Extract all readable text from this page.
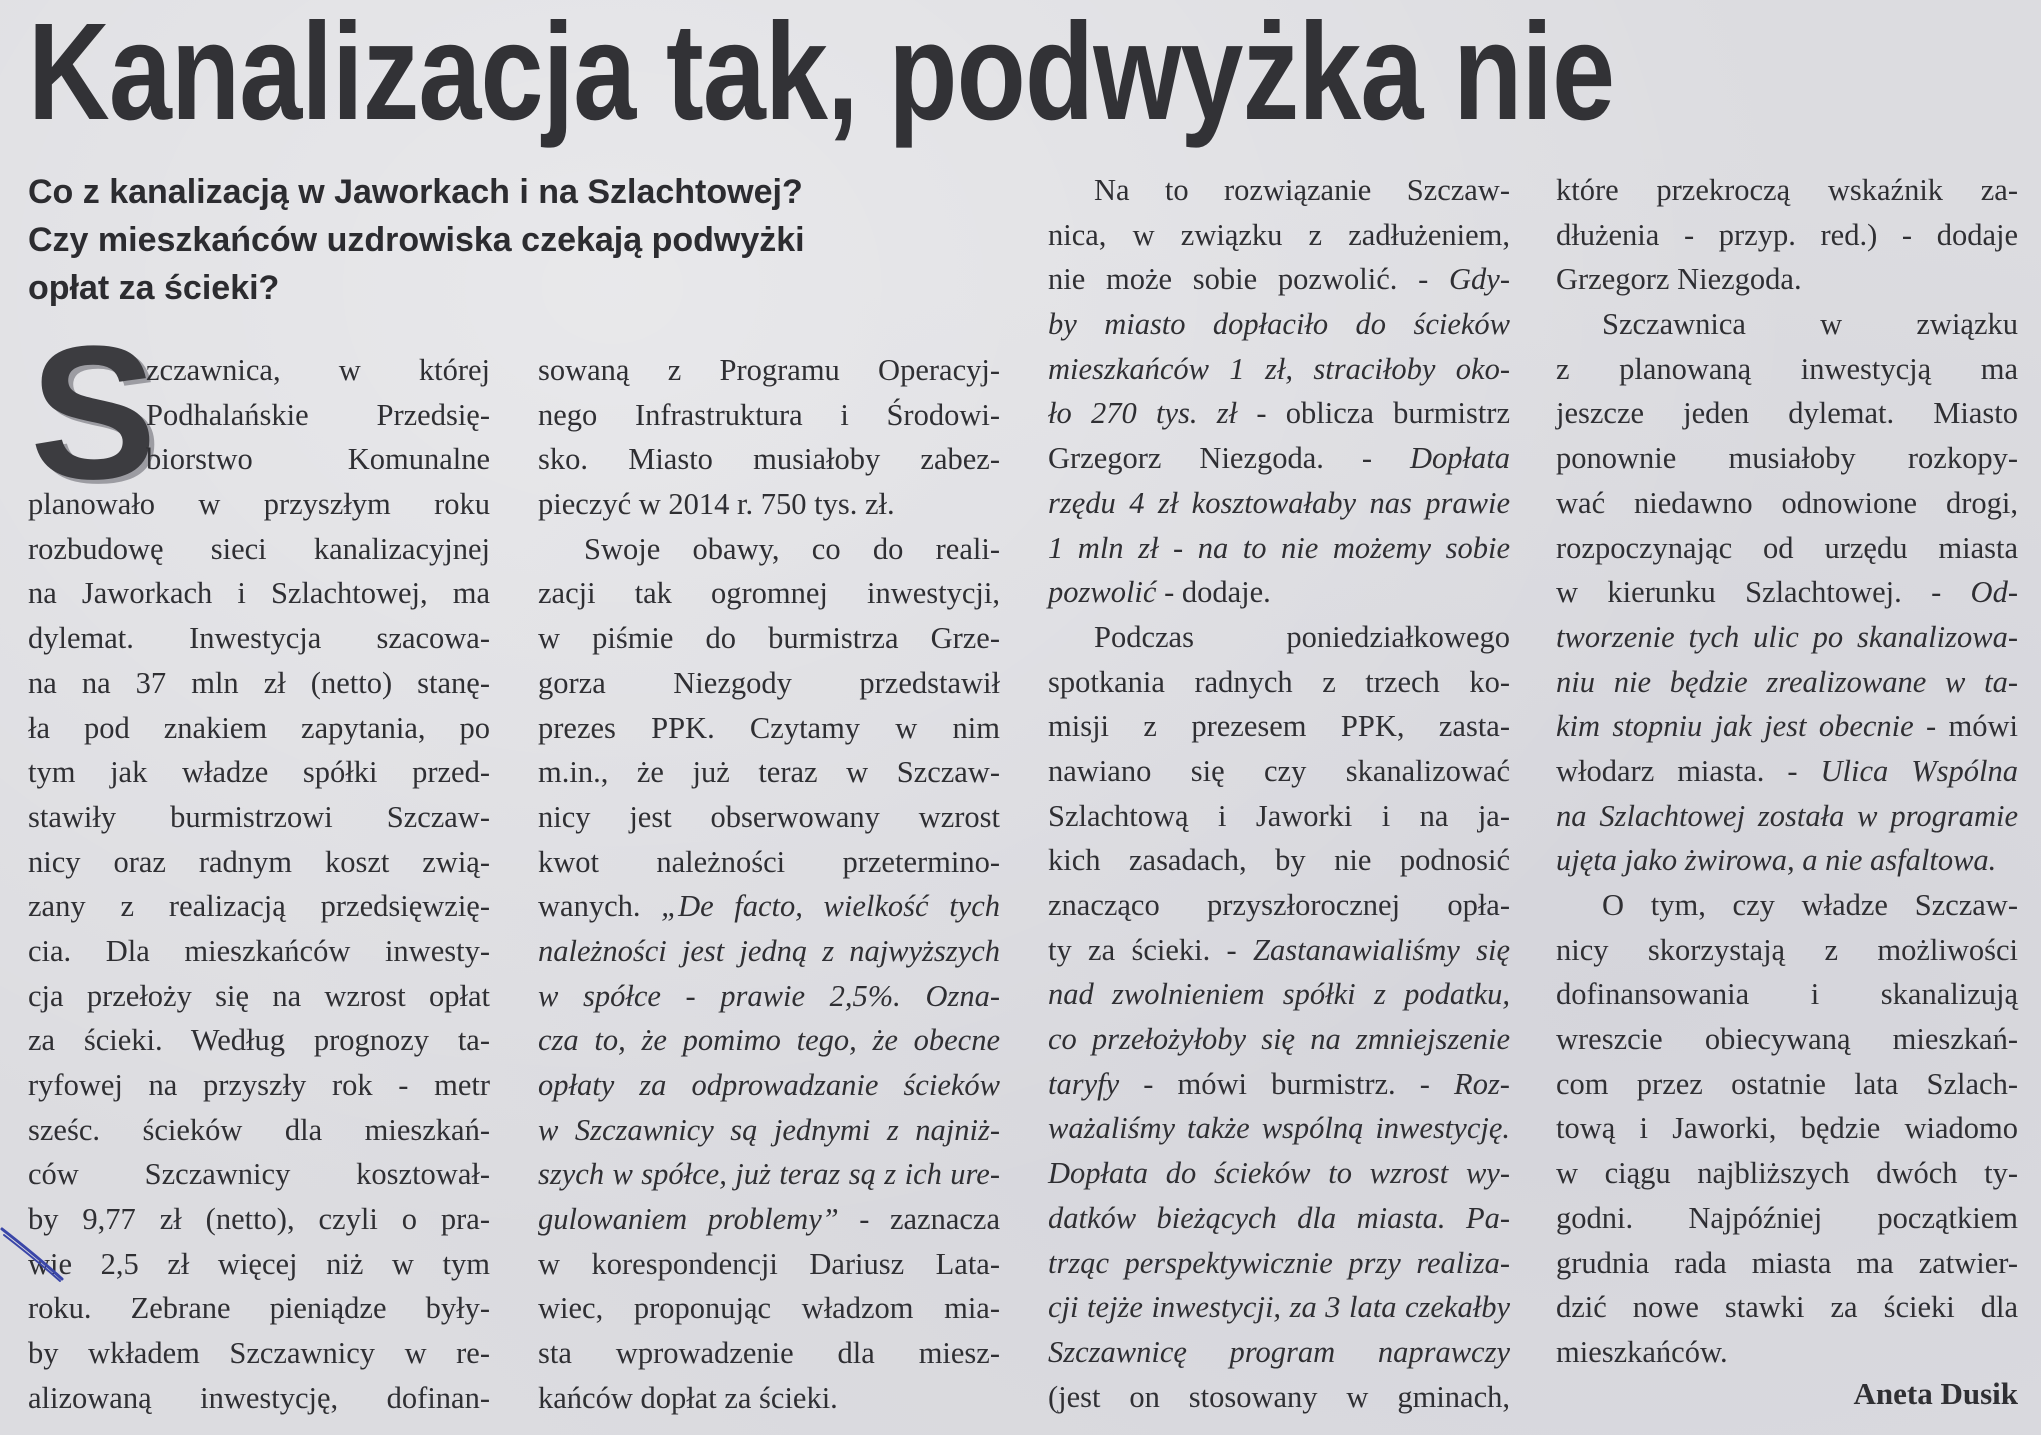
Kanalizacja tak, podwyżka nie
Co z kanalizacją w Jaworkach i na Szlachtowej?
Czy mieszkańców uzdrowiska czekają podwyżki
opłat za ścieki?
S
zczawnica, w której
Podhalańskie Przedsię-
biorstwo Komunalne
planowało w przyszłym roku
rozbudowę sieci kanalizacyjnej
na Jaworkach i Szlachtowej, ma
dylemat. Inwestycja szacowa-
na na 37 mln zł (netto) stanę-
ła pod znakiem zapytania, po
tym jak władze spółki przed-
stawiły burmistrzowi Szczaw-
nicy oraz radnym koszt zwią-
zany z realizacją przedsięwzię-
cia. Dla mieszkańców inwesty-
cja przełoży się na wzrost opłat
za ścieki. Według prognozy ta-
ryfowej na przyszły rok - metr
sześc. ścieków dla mieszkań-
ców Szczawnicy kosztował-
by 9,77 zł (netto), czyli o pra-
wie 2,5 zł więcej niż w tym
roku. Zebrane pieniądze były-
by wkładem Szczawnicy w re-
alizowaną inwestycję, dofinan-
sowaną z Programu Operacyj-
nego Infrastruktura i Środowi-
sko. Miasto musiałoby zabez-
pieczyć w 2014 r. 750 tys. zł.
Swoje obawy, co do reali-
zacji tak ogromnej inwestycji,
w piśmie do burmistrza Grze-
gorza Niezgody przedstawił
prezes PPK. Czytamy w nim
m.in., że już teraz w Szczaw-
nicy jest obserwowany wzrost
kwot należności przetermino-
wanych. „De facto, wielkość tych
należności jest jedną z najwyższych
w spółce - prawie 2,5%. Ozna-
cza to, że pomimo tego, że obecne
opłaty za odprowadzanie ścieków
w Szczawnicy są jednymi z najniż-
szych w spółce, już teraz są z ich ure-
gulowaniem problemy” - zaznacza
w korespondencji Dariusz Lata-
wiec, proponując władzom mia-
sta wprowadzenie dla miesz-
kańców dopłat za ścieki.
Na to rozwiązanie Szczaw-
nica, w związku z zadłużeniem,
nie może sobie pozwolić. - Gdy-
by miasto dopłaciło do ścieków
mieszkańców 1 zł, straciłoby oko-
ło 270 tys. zł - oblicza burmistrz
Grzegorz Niezgoda. - Dopłata
rzędu 4 zł kosztowałaby nas prawie
1 mln zł - na to nie możemy sobie
pozwolić - dodaje.
Podczas poniedziałkowego
spotkania radnych z trzech ko-
misji z prezesem PPK, zasta-
nawiano się czy skanalizować
Szlachtową i Jaworki i na ja-
kich zasadach, by nie podnosić
znacząco przyszłorocznej opła-
ty za ścieki. - Zastanawialiśmy się
nad zwolnieniem spółki z podatku,
co przełożyłoby się na zmniejszenie
taryfy - mówi burmistrz. - Roz-
ważaliśmy także wspólną inwestycję.
Dopłata do ścieków to wzrost wy-
datków bieżących dla miasta. Pa-
trząc perspektywicznie przy realiza-
cji tejże inwestycji, za 3 lata czekałby
Szczawnicę program naprawczy
(jest on stosowany w gminach,
które przekroczą wskaźnik za-
dłużenia - przyp. red.) - dodaje
Grzegorz Niezgoda.
Szczawnica w związku
z planowaną inwestycją ma
jeszcze jeden dylemat. Miasto
ponownie musiałoby rozkopy-
wać niedawno odnowione drogi,
rozpoczynając od urzędu miasta
w kierunku Szlachtowej. - Od-
tworzenie tych ulic po skanalizowa-
niu nie będzie zrealizowane w ta-
kim stopniu jak jest obecnie - mówi
włodarz miasta. - Ulica Wspólna
na Szlachtowej została w programie
ujęta jako żwirowa, a nie asfaltowa.
O tym, czy władze Szczaw-
nicy skorzystają z możliwości
dofinansowania i skanalizują
wreszcie obiecywaną mieszkań-
com przez ostatnie lata Szlach-
tową i Jaworki, będzie wiadomo
w ciągu najbliższych dwóch ty-
godni. Najpóźniej początkiem
grudnia rada miasta ma zatwier-
dzić nowe stawki za ścieki dla
mieszkańców.
Aneta Dusik
